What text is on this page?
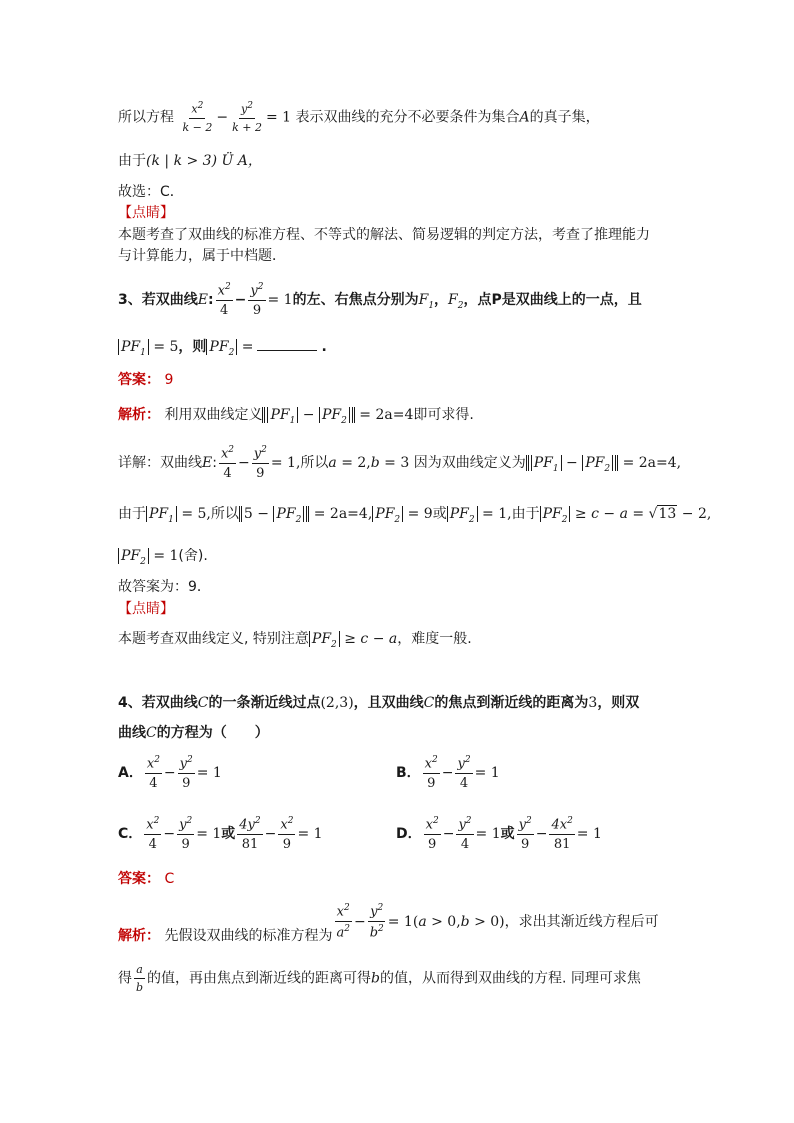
所以方程 $\frac{x^2}{k - 2} - \frac{y^2}{k + 2} = 1$ 表示双曲线的充分不必要条件为集合A的真子集，
由于(k | k > 3) Ü A，
故选：C．
【点睛】
本题考查了双曲线的标准方程、不等式的解法、简易逻辑的判定方法，考查了推理能力
与计算能力，属于中档题．
3、若双曲线E: $\frac{x^2}{4} - \frac{y^2}{9} = 1$的左、右焦点分别为$F_1$，$F_2$，点P是双曲线上的一点，且
$PF_1 = 5$，则 $PF_2$ =	.
答案： 9
解析： 利用双曲线定义 $PF_1 - PF_2 = 2a=4$即可求得.
详解：双曲线E: $\frac{x^2}{4} - \frac{y^2}{9} = 1$,所以a = 2,b = 3 因为双曲线定义为 $PF_1 - PF_2 = 2a=4$,
由于 $PF_1 = 5$,所以 $5 - PF_2 = 2a=4$, $PF_2 = 9$或 $PF_2 = 1$,由于 $PF_2 \ge c - a = √13 - 2$,
$PF_2 = 1$(舍).
故答案为：9．
【点睛】
本题考查双曲线定义, 特别注意 $PF_2 \ge c - a$，难度一般.
4、若双曲线C的一条渐近线过点(2,3)，且双曲线C的焦点到渐近线的距离为3，则双
曲线C的方程为（　　）
A． $\frac{x^2}{4} - \frac{y^2}{9} = 1$	B． $\frac{x^2}{9} - \frac{y^2}{4} = 1$
C． $\frac{x^2}{4} - \frac{y^2}{9} = 1$或 $\frac{4y^2}{81} - \frac{x^2}{9} = 1$	D． $\frac{x^2}{9} - \frac{y^2}{4} = 1$或 $\frac{y^2}{9} - \frac{4x^2}{81} = 1$
答案： C
解析： 先假设双曲线的标准方程为 $\frac{x^2}{a^2} - \frac{y^2}{b^2} = 1(a > 0,b > 0)$，求出其渐近线方程后可
得 $\frac{a}{b}$ 的值，再由焦点到渐近线的距离可得b的值，从而得到双曲线的方程. 同理可求焦
